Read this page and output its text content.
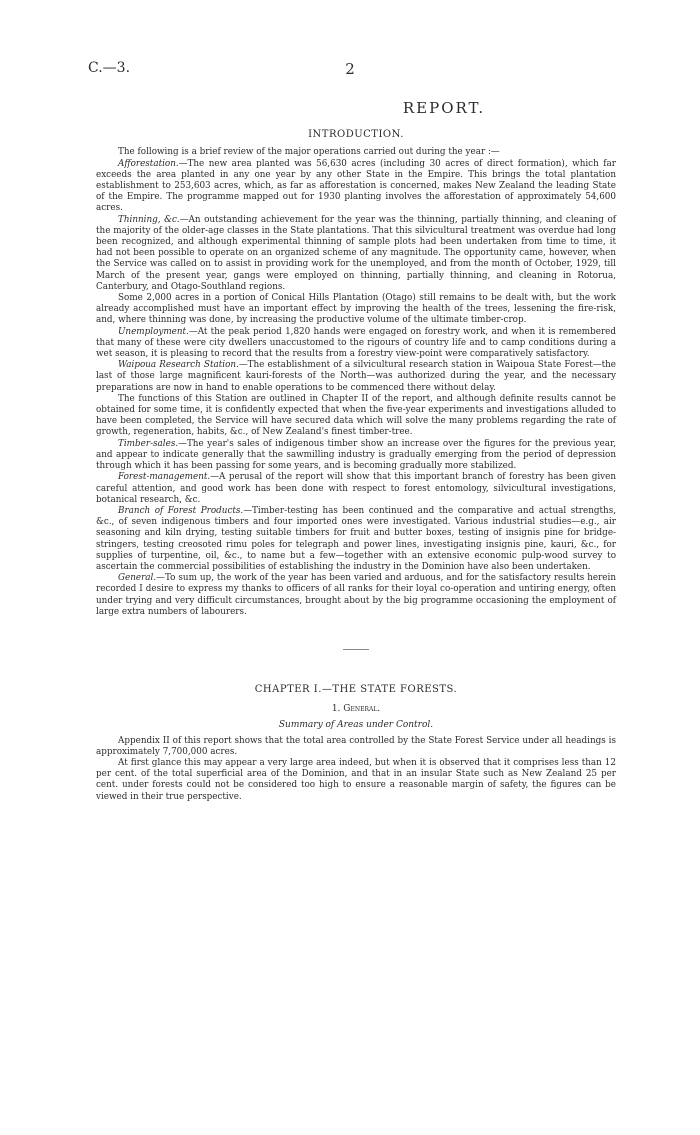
C.—3.	2
REPORT.
INTRODUCTION.

The following is a brief review of the major operations carried out during the year :—

Afforestation.—The new area planted was 56,630 acres (including 30 acres of direct formation), which far exceeds the area planted in any one year by any other State in the Empire. This brings the total plantation establishment to 253,603 acres, which, as far as afforestation is concerned, makes New Zealand the leading State of the Empire. The programme mapped out for 1930 planting involves the afforestation of approximately 54,600 acres.

Thinning, &c.—An outstanding achievement for the year was the thinning, partially thinning, and cleaning of the majority of the older-age classes in the State plantations. That this silvicultural treatment was overdue had long been recognized, and although experimental thinning of sample plots had been undertaken from time to time, it had not been possible to operate on an organized scheme of any magnitude. The opportunity came, however, when the Service was called on to assist in providing work for the unemployed, and from the month of October, 1929, till March of the present year, gangs were employed on thinning, partially thinning, and cleaning in Rotorua, Canterbury, and Otago-Southland regions.

Some 2,000 acres in a portion of Conical Hills Plantation (Otago) still remains to be dealt with, but the work already accomplished must have an important effect by improving the health of the trees, lessening the fire-risk, and, where thinning was done, by increasing the productive volume of the ultimate timber-crop.

Unemployment.—At the peak period 1,820 hands were engaged on forestry work, and when it is remembered that many of these were city dwellers unaccustomed to the rigours of country life and to camp conditions during a wet season, it is pleasing to record that the results from a forestry view-point were comparatively satisfactory.

Waipoua Research Station.—The establishment of a silvicultural research station in Waipoua State Forest—the last of those large magnificent kauri-forests of the North—was authorized during the year, and the necessary preparations are now in hand to enable operations to be commenced there without delay.

The functions of this Station are outlined in Chapter II of the report, and although definite results cannot be obtained for some time, it is confidently expected that when the five-year experiments and investigations alluded to have been completed, the Service will have secured data which will solve the many problems regarding the rate of growth, regeneration, habits, &c., of New Zealand's finest timber-tree.

Timber-sales.—The year's sales of indigenous timber show an increase over the figures for the previous year, and appear to indicate generally that the sawmilling industry is gradually emerging from the period of depression through which it has been passing for some years, and is becoming gradually more stabilized.

Forest-management.—A perusal of the report will show that this important branch of forestry has been given careful attention, and good work has been done with respect to forest entomology, silvicultural investigations, botanical research, &c.

Branch of Forest Products.—Timber-testing has been continued and the comparative and actual strengths, &c., of seven indigenous timbers and four imported ones were investigated. Various industrial studies—e.g., air seasoning and kiln drying, testing suitable timbers for fruit and butter boxes, testing of insignis pine for bridge-stringers, testing creosoted rimu poles for telegraph and power lines, investigating insignis pine, kauri, &c., for supplies of turpentine, oil, &c., to name but a few—together with an extensive economic pulp-wood survey to ascertain the commercial possibilities of establishing the industry in the Dominion have also been undertaken.

General.—To sum up, the work of the year has been varied and arduous, and for the satisfactory results herein recorded I desire to express my thanks to officers of all ranks for their loyal co-operation and untiring energy, often under trying and very difficult circumstances, brought about by the big programme occasioning the employment of large extra numbers of labourers.

CHAPTER I.—THE STATE FORESTS.
1. General.
Summary of Areas under Control.

Appendix II of this report shows that the total area controlled by the State Forest Service under all headings is approximately 7,700,000 acres.

At first glance this may appear a very large area indeed, but when it is observed that it comprises less than 12 per cent. of the total superficial area of the Dominion, and that in an insular State such as New Zealand 25 per cent. under forests could not be considered too high to ensure a reasonable margin of safety, the figures can be viewed in their true perspective.
